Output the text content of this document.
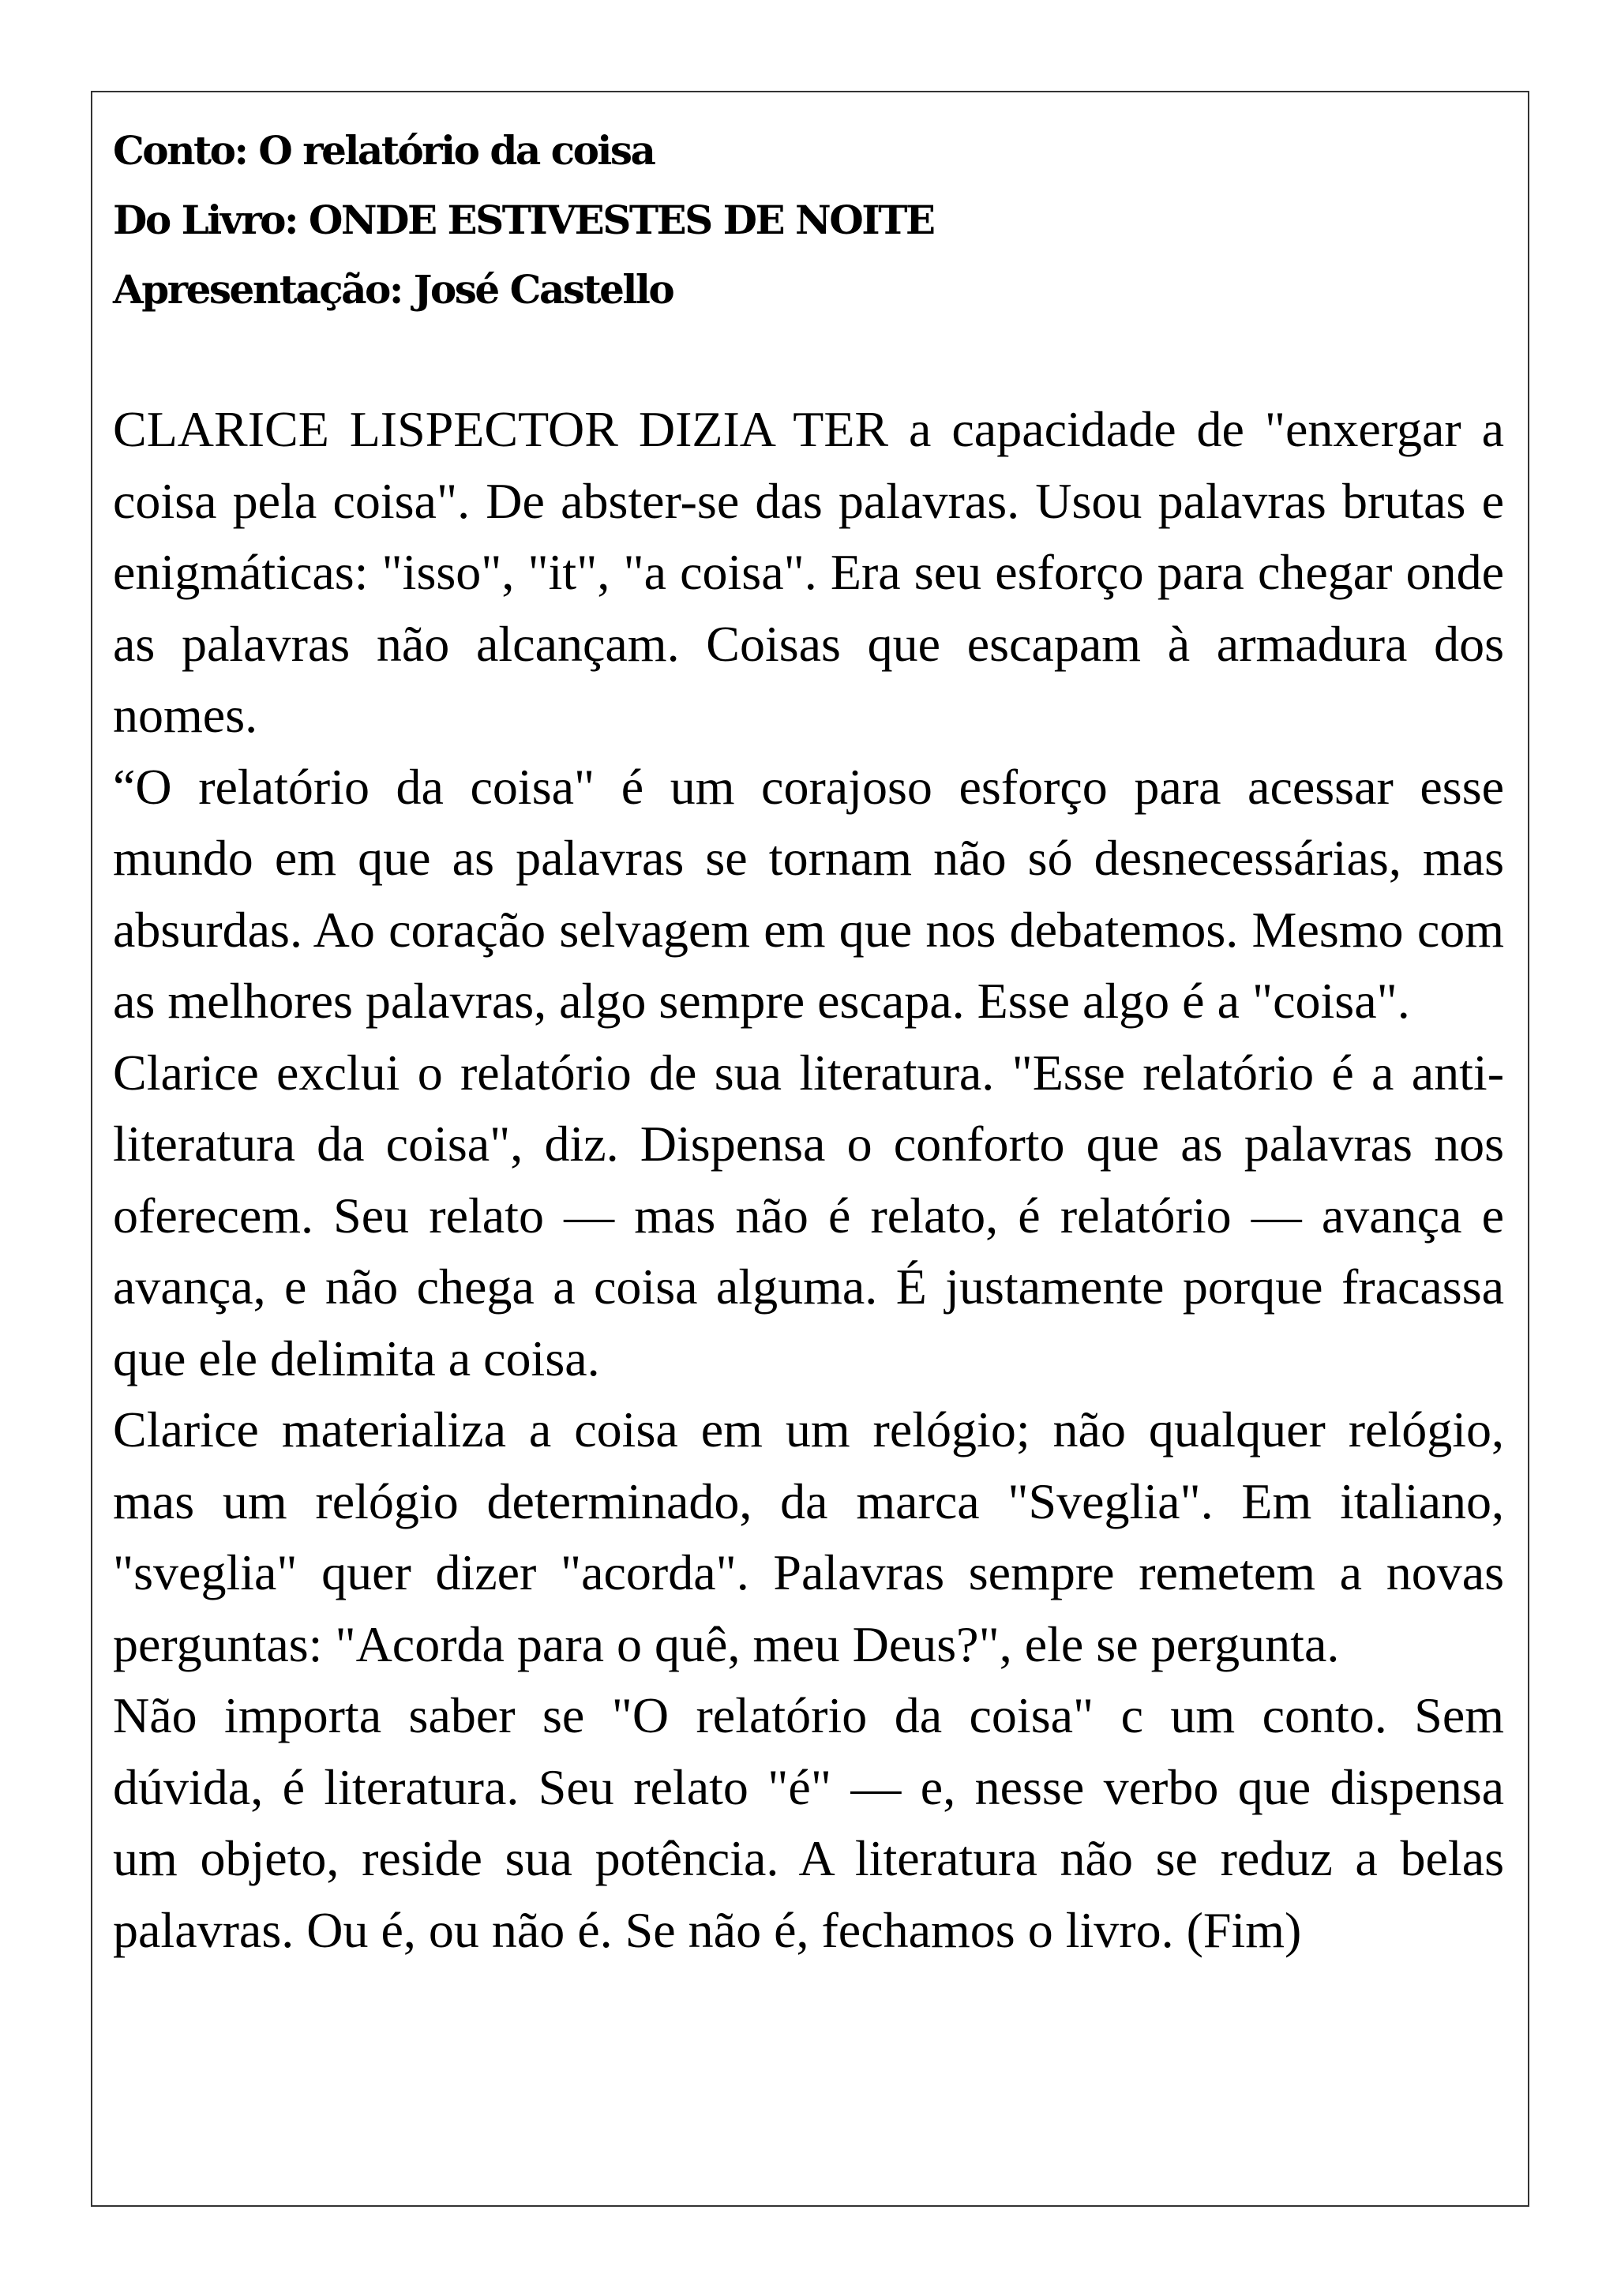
Conto: O relatório da coisa
Do Livro: ONDE ESTIVESTES DE NOITE
Apresentação: José Castello

CLARICE LISPECTOR DIZIA TER a capacidade de "enxergar a coisa pela coisa". De abster-se das palavras. Usou palavras brutas e enigmáticas: "isso", "it", "a coisa". Era seu esforço para chegar onde as palavras não alcançam. Coisas que escapam à armadura dos nomes.

“O relatório da coisa" é um corajoso esforço para acessar esse mundo em que as palavras se tornam não só desnecessárias, mas absurdas. Ao coração selvagem em que nos debatemos. Mesmo com as melhores palavras, algo sempre escapa. Esse algo é a "coisa".

Clarice exclui o relatório de sua literatura. "Esse relatório é a anti-literatura da coisa", diz. Dispensa o conforto que as palavras nos oferecem. Seu relato — mas não é relato, é relatório — avança e avança, e não chega a coisa alguma. É justamente porque fracassa que ele delimita a coisa.

Clarice materializa a coisa em um relógio; não qualquer relógio, mas um relógio determinado, da marca "Sveglia". Em italiano, "sveglia" quer dizer "acorda". Palavras sempre remetem a novas perguntas: "Acorda para o quê, meu Deus?", ele se pergunta.

Não importa saber se "O relatório da coisa" c um conto. Sem dúvida, é literatura. Seu relato "é" — e, nesse verbo que dispensa um objeto, reside sua potência. A literatura não se reduz a belas palavras. Ou é, ou não é. Se não é, fechamos o livro. (Fim)
